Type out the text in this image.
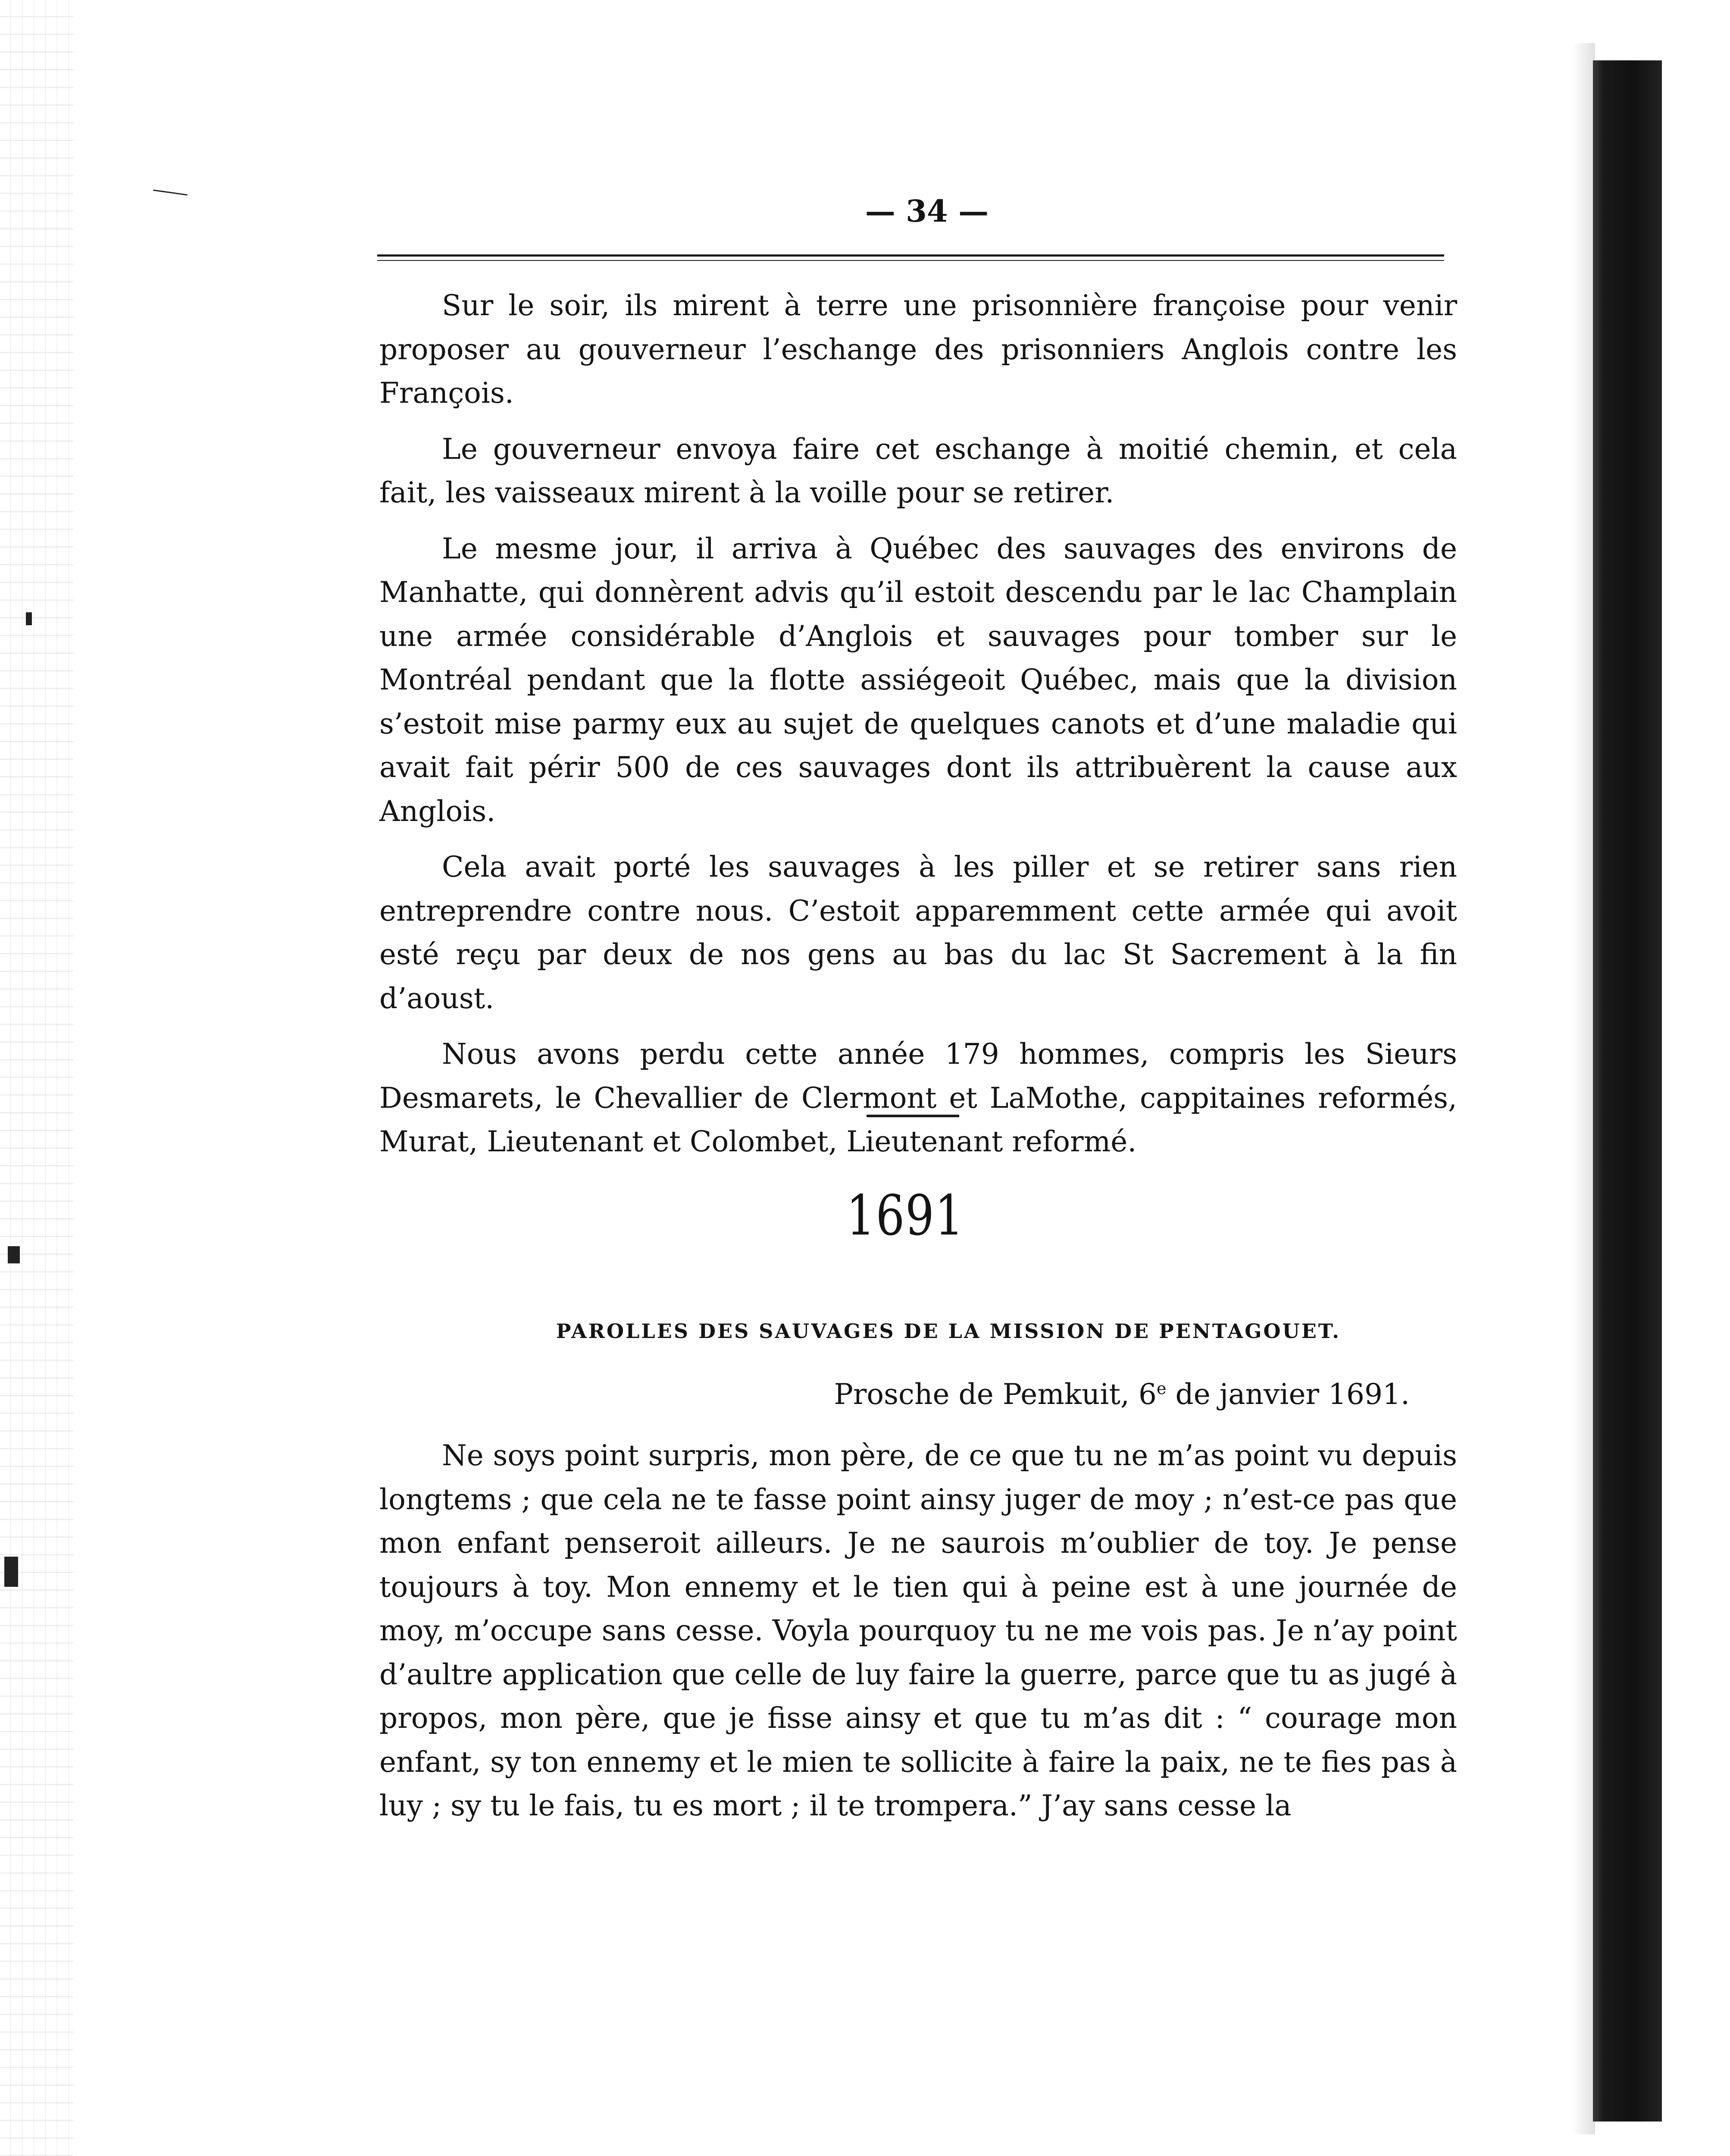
— 34 —

Sur le soir, ils mirent à terre une prisonnière françoise pour venir proposer au gouverneur l’eschange des prisonniers Anglois contre les François.

Le gouverneur envoya faire cet eschange à moitié chemin, et cela fait, les vaisseaux mirent à la voille pour se retirer.

Le mesme jour, il arriva à Québec des sauvages des environs de Manhatte, qui donnèrent advis qu’il estoit descendu par le lac Champlain une armée considérable d’Anglois et sauvages pour tomber sur le Montréal pendant que la flotte assiégeoit Québec, mais que la division s’estoit mise parmy eux au sujet de quelques canots et d’une maladie qui avait fait périr 500 de ces sauvages dont ils attribuèrent la cause aux Anglois.

Cela avait porté les sauvages à les piller et se retirer sans rien entreprendre contre nous. C’estoit apparemment cette armée qui avoit esté reçu par deux de nos gens au bas du lac St Sacrement à la fin d’aoust.

Nous avons perdu cette année 179 hommes, compris les Sieurs Desmarets, le Chevallier de Clermont et LaMothe, cappitaines reformés, Murat, Lieutenant et Colombet, Lieutenant reformé.

1691
PAROLLES DES SAUVAGES DE LA MISSION DE PENTAGOUET.
Prosche de Pemkuit, 6e de janvier 1691.

Ne soys point surpris, mon père, de ce que tu ne m’as point vu depuis longtems ; que cela ne te fasse point ainsy juger de moy ; n’est-ce pas que mon enfant penseroit ailleurs. Je ne saurois m’oublier de toy. Je pense toujours à toy. Mon ennemy et le tien qui à peine est à une journée de moy, m’occupe sans cesse. Voyla pourquoy tu ne me vois pas. Je n’ay point d’aultre application que celle de luy faire la guerre, parce que tu as jugé à propos, mon père, que je fisse ainsy et que tu m’as dit : “ courage mon enfant, sy ton ennemy et le mien te sollicite à faire la paix, ne te fies pas à luy ; sy tu le fais, tu es mort ; il te trompera.” J’ay sans cesse la
